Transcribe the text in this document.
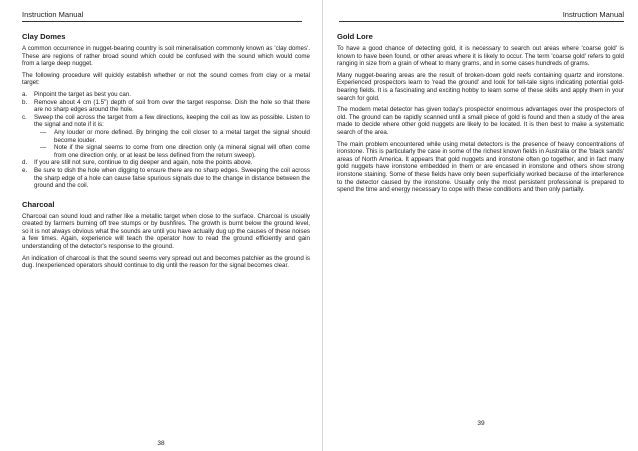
Instruction Manual
Clay Domes

A common occurrence in nugget-bearing country is soil mineralisation commonly known as 'clay domes'. These are regions of rather broad sound which could be confused with the sound which would come from a large deep nugget.

The following procedure will quickly establish whether or not the sound comes from clay or a metal target:

a. Pinpoint the target as best you can.
b. Remove about 4 cm (1.5") depth of soil from over the target response. Dish the hole so that there are no sharp edges around the hole.
c. Sweep the coil across the target from a few directions, keeping the coil as low as possible. Listen to the signal and note if it is:
— Any louder or more defined. By bringing the coil closer to a metal target the signal should become louder.
— Note if the signal seems to come from one direction only (a mineral signal will often come from one direction only, or at least be less defined from the return sweep).
d. If you are still not sure, continue to dig deeper and again, note the points above.
e. Be sure to dish the hole when digging to ensure there are no sharp edges. Sweeping the coil across the sharp edge of a hole can cause false spurious signals due to the change in distance between the ground and the coil.
Charcoal

Charcoal can sound loud and rather like a metallic target when close to the surface. Charcoal is usually created by farmers burning off tree stumps or by bushfires. The growth is burnt below the ground level, so it is not always obvious what the sounds are until you have actually dug up the causes of these noises a few times. Again, experience will teach the operator how to read the ground efficiently and gain understanding of the detector's response to the ground.

An indication of charcoal is that the sound seems very spread out and becomes patchier as the ground is dug. Inexperienced operators should continue to dig until the reason for the signal becomes clear.

38
Instruction Manual
Gold Lore

To have a good chance of detecting gold, it is necessary to search out areas where 'coarse gold' is known to have been found, or other areas where it is likely to occur. The term 'coarse gold' refers to gold ranging in size from a grain of wheat to many grams, and in some cases hundreds of grams.

Many nugget-bearing areas are the result of broken-down gold reefs containing quartz and ironstone. Experienced prospectors learn to 'read the ground' and look for tell-tale signs indicating potential gold-bearing fields. It is a fascinating and exciting hobby to learn some of these skills and apply them in your search for gold.

The modern metal detector has given today's prospector enormous advantages over the prospectors of old. The ground can be rapidly scanned until a small piece of gold is found and then a study of the area made to decide where other gold nuggets are likely to be located. It is then best to make a systematic search of the area.

The main problem encountered while using metal detectors is the presence of heavy concentrations of ironstone. This is particularly the case in some of the richest known fields in Australia or the 'black sands' areas of North America. It appears that gold nuggets and ironstone often go together, and in fact many gold nuggets have ironstone embedded in them or are encased in ironstone and others show strong ironstone staining. Some of these fields have only been superficially worked because of the interference to the detector caused by the ironstone. Usually only the most persistent professional is prepared to spend the time and energy necessary to cope with these conditions and then only partially.

39
